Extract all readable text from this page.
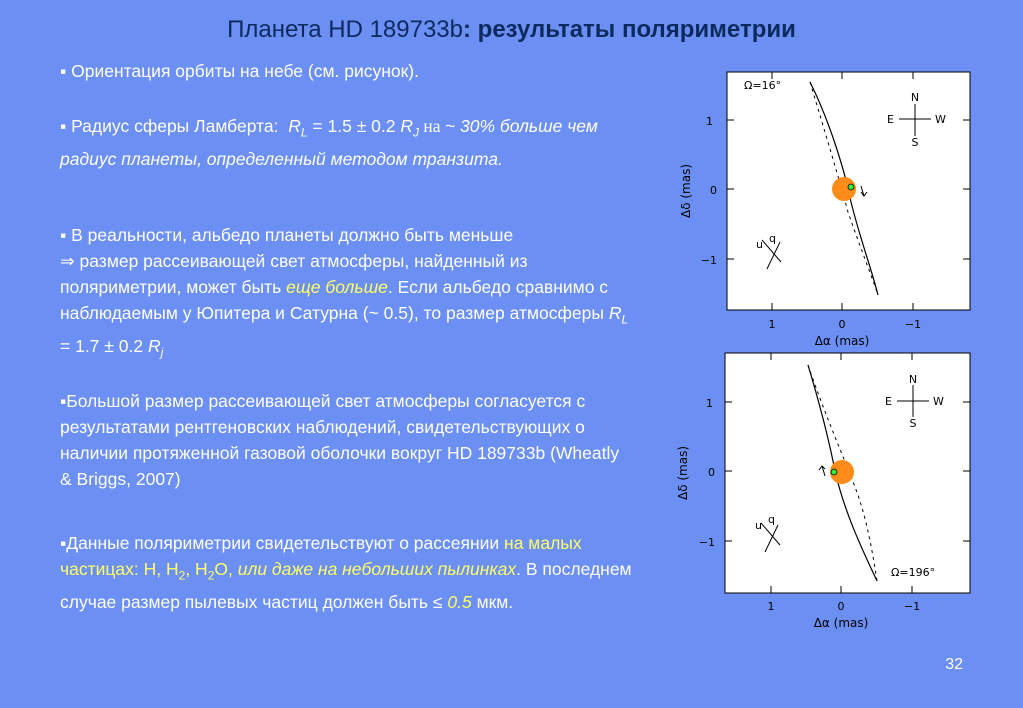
Планета HD 189733b: результаты поляриметрии
▪ Ориентация орбиты на небе (см. рисунок).
▪ Радиус сферы Ламберта: $R_L = 1.5 \pm 0.2$ $R_J$ на ~ 30% больше чем радиус планеты, определенный методом транзита.
▪ В реальности, альбедо планеты должно быть меньше
⇒ размер рассеивающей свет атмосферы, найденный из поляриметрии, может быть еще больше. Если альбедо сравнимо с наблюдаемым у Юпитера и Сатурна (~ 0.5), то размер атмосферы $R_L = 1.7 \pm 0.2$ $R_j$
▪Большой размер рассеивающей свет атмосферы согласуется с результатами рентгеновских наблюдений, свидетельствующих о наличии протяженной газовой оболочки вокруг HD 189733b (Wheatly & Briggs, 2007)
▪Данные поляриметрии свидетельствуют о рассеянии на малых частицах: H, $H_2$, $H_2O$, или даже на небольших пылинках. В последнем случае размер пылевых частиц должен быть ≤ 0.5 мкм.
1
0
−1
1	0	−1
Δα (mas)
Δδ (mas)
Ω=16°
N
S
E	W
u q
1
0
−1
1	0	−1
Δα (mas)
Δδ (mas)
Ω=196°
N
S
E	W
u q
32
